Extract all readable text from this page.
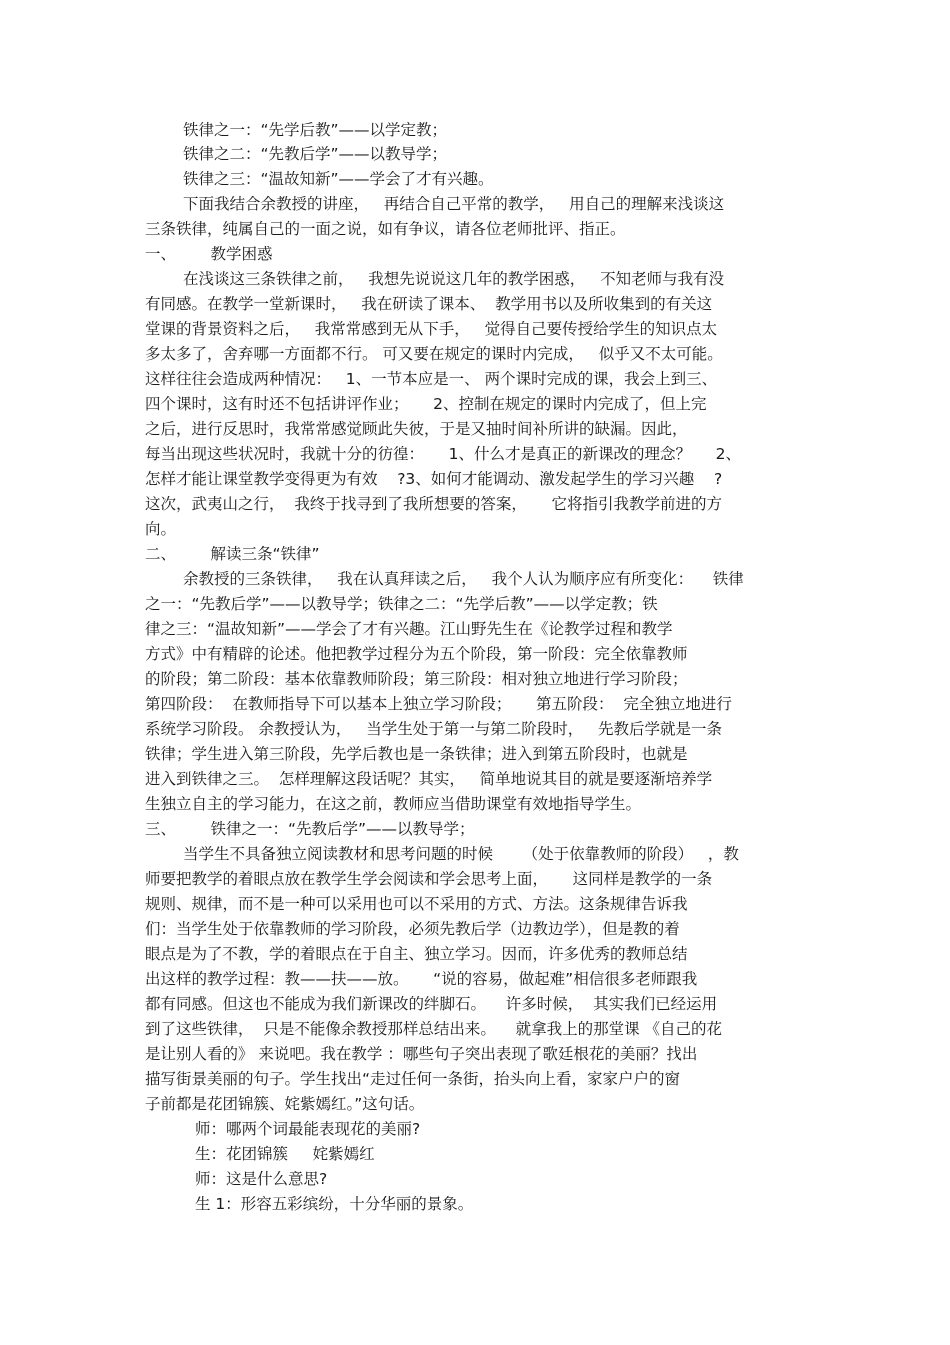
铁律之一：“先学后教”——以学定教；

铁律之二：“先教后学”——以教导学；

铁律之三：“温故知新”——学会了才有兴趣。

下面我结合余教授的讲座，   再结合自己平常的教学，   用自己的理解来浅谈这

三条铁律，纯属自己的一面之说，如有争议，请各位老师批评、指正。

一、       教学困惑

在浅谈这三条铁律之前，   我想先说说这几年的教学困惑，   不知老师与我有没

有同感。在教学一堂新课时，   我在研读了课本、  教学用书以及所收集到的有关这

堂课的背景资料之后，   我常常感到无从下手，   觉得自己要传授给学生的知识点太

多太多了，舍弃哪一方面都不行。 可又要在规定的课时内完成，   似乎又不太可能。

这样往往会造成两种情况：   1、一节本应是一、 两个课时完成的课，我会上到三、

四个课时，这有时还不包括讲评作业；     2、控制在规定的课时内完成了，但上完

之后，进行反思时，我常常感觉顾此失彼，于是又抽时间补所讲的缺漏。因此，

每当出现这些状况时，我就十分的彷徨：     1、什么才是真正的新课改的理念？     2、

怎样才能让课堂教学变得更为有效    ?3、如何才能调动、激发起学生的学习兴趣    ?

这次，武夷山之行，  我终于找寻到了我所想要的答案，     它将指引我教学前进的方

向。

二、       解读三条“铁律”

余教授的三条铁律，   我在认真拜读之后，   我个人认为顺序应有所变化：    铁律

之一：“先教后学”——以教导学；铁律之二：“先学后教”——以学定教；铁

律之三：“温故知新”——学会了才有兴趣。江山野先生在《论教学过程和教学

方式》中有精辟的论述。他把教学过程分为五个阶段，第一阶段：完全依靠教师

的阶段；第二阶段：基本依靠教师阶段；第三阶段：相对独立地进行学习阶段；

第四阶段：  在教师指导下可以基本上独立学习阶段；     第五阶段：  完全独立地进行

系统学习阶段。 余教授认为，   当学生处于第一与第二阶段时，   先教后学就是一条

铁律；学生进入第三阶段，先学后教也是一条铁律；进入到第五阶段时，也就是

进入到铁律之三。  怎样理解这段话呢？其实，   简单地说其目的就是要逐渐培养学

生独立自主的学习能力，在这之前，教师应当借助课堂有效地指导学生。

三、       铁律之一：“先教后学”——以教导学；

当学生不具备独立阅读教材和思考问题的时候      （处于依靠教师的阶段）   ，教

师要把教学的着眼点放在教学生学会阅读和学会思考上面，     这同样是教学的一条

规则、规律，而不是一种可以采用也可以不采用的方式、方法。这条规律告诉我

们：当学生处于依靠教师的学习阶段，必须先教后学（边教边学），但是教的着

眼点是为了不教，学的着眼点在于自主、独立学习。因而，许多优秀的教师总结

出这样的教学过程：教——扶——放。     “说的容易，做起难”相信很多老师跟我

都有同感。但这也不能成为我们新课改的绊脚石。    许多时候，  其实我们已经运用

到了这些铁律，  只是不能像余教授那样总结出来。    就拿我上的那堂课 《自己的花

是让别人看的》 来说吧。我在教学 ：哪些句子突出表现了歌廷根花的美丽？找出

描写街景美丽的句子。学生找出“走过任何一条街，抬头向上看，家家户户的窗

子前都是花团锦簇、姹紫嫣红。”这句话。

师：哪两个词最能表现花的美丽?

生：花团锦簇     姹紫嫣红

师：这是什么意思?

生 1：形容五彩缤纷，十分华丽的景象。
